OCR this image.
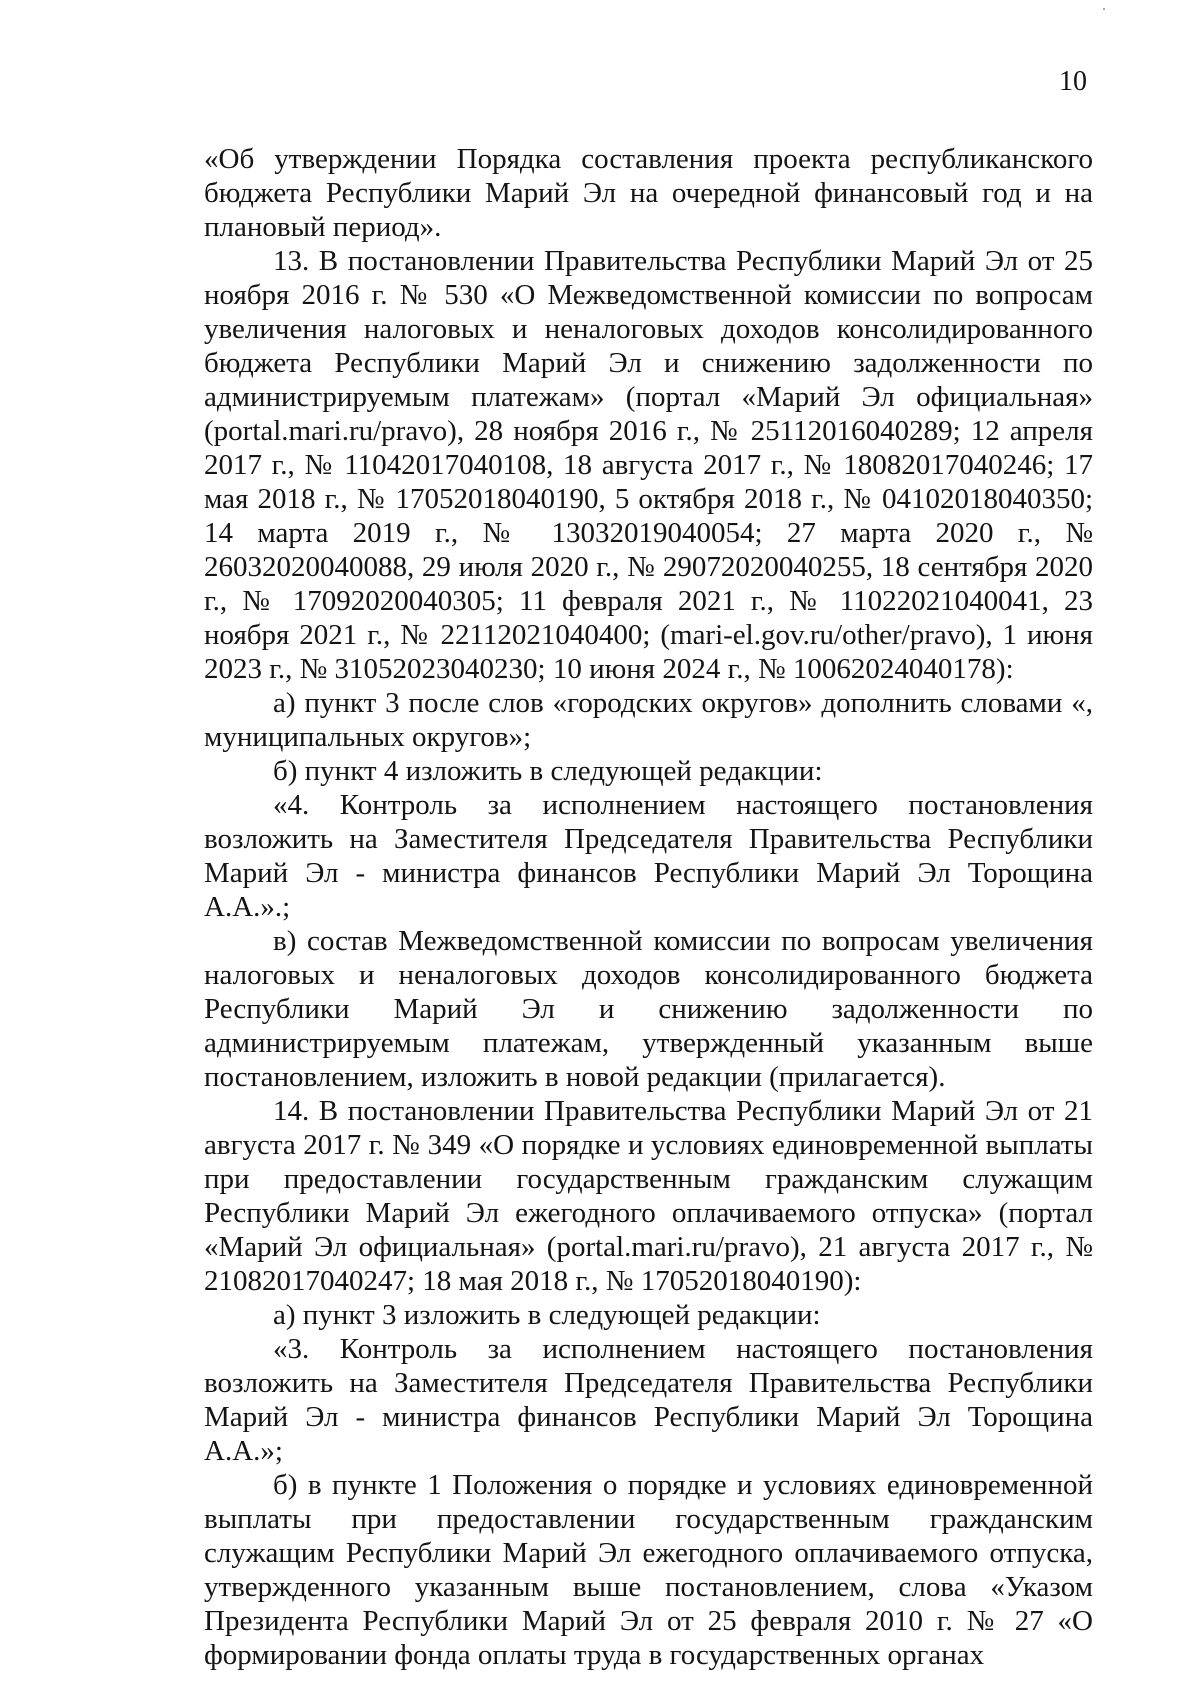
10

«Об утверждении Порядка составления проекта республиканского бюджета Республики Марий Эл на очередной финансовый год и на плановый период».

13. В постановлении Правительства Республики Марий Эл от 25 ноября 2016 г. № 530 «О Межведомственной комиссии по вопросам увеличения налоговых и неналоговых доходов консолидированного бюджета Республики Марий Эл и снижению задолженности по администрируемым платежам» (портал «Марий Эл официальная» (portal.mari.ru/pravo), 28 ноября 2016 г., № 25112016040289; 12 апреля 2017 г., № 11042017040108, 18 августа 2017 г., № 18082017040246; 17 мая 2018 г., № 17052018040190, 5 октября 2018 г., № 04102018040350; 14 марта 2019 г., № 13032019040054; 27 марта 2020 г., № 26032020040088, 29 июля 2020 г., № 29072020040255, 18 сентября 2020 г., № 17092020040305; 11 февраля 2021 г., № 11022021040041, 23 ноября 2021 г., № 22112021040400; (mari-el.gov.ru/other/pravo), 1 июня 2023 г., № 31052023040230; 10 июня 2024 г., № 10062024040178):

а) пункт 3 после слов «городских округов» дополнить словами «, муниципальных округов»;

б) пункт 4 изложить в следующей редакции:

«4. Контроль за исполнением настоящего постановления возложить на Заместителя Председателя Правительства Республики Марий Эл - министра финансов Республики Марий Эл Торощина А.А.».;

в) состав Межведомственной комиссии по вопросам увеличения налоговых и неналоговых доходов консолидированного бюджета Республики Марий Эл и снижению задолженности по администрируемым платежам, утвержденный указанным выше постановлением, изложить в новой редакции (прилагается).

14. В постановлении Правительства Республики Марий Эл от 21 августа 2017 г. № 349 «О порядке и условиях единовременной выплаты при предоставлении государственным гражданским служащим Республики Марий Эл ежегодного оплачиваемого отпуска» (портал «Марий Эл официальная» (portal.mari.ru/pravo), 21 августа 2017 г., № 21082017040247; 18 мая 2018 г., № 17052018040190):

а) пункт 3 изложить в следующей редакции:

«3. Контроль за исполнением настоящего постановления возложить на Заместителя Председателя Правительства Республики Марий Эл - министра финансов Республики Марий Эл Торощина А.А.»;

б) в пункте 1 Положения о порядке и условиях единовременной выплаты при предоставлении государственным гражданским служащим Республики Марий Эл ежегодного оплачиваемого отпуска, утвержденного указанным выше постановлением, слова «Указом Президента Республики Марий Эл от 25 февраля 2010 г. № 27 «О формировании фонда оплаты труда в государственных органах
